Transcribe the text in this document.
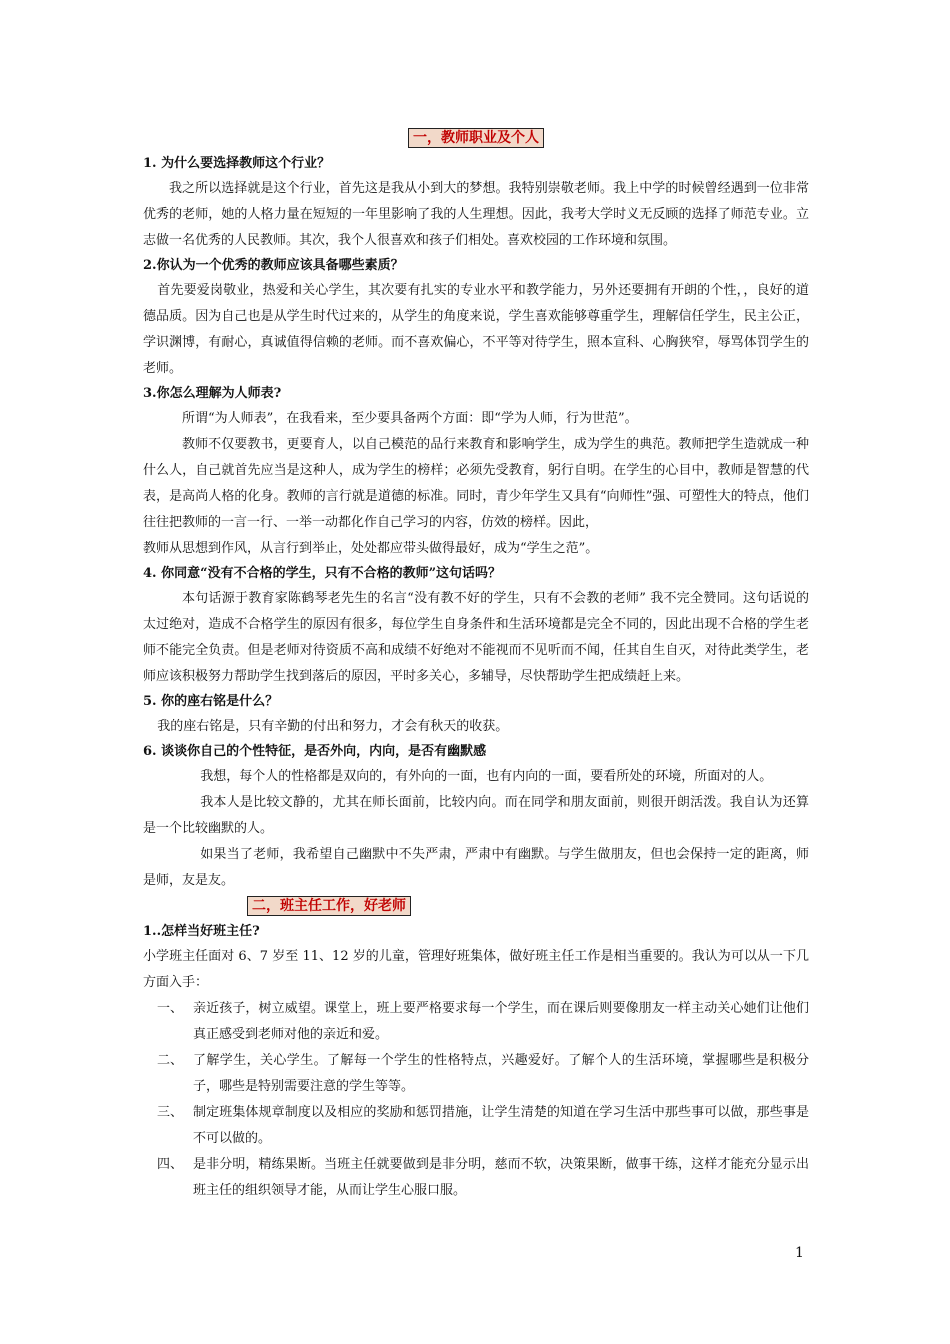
一，教师职业及个人

1. 为什么要选择教师这个行业？

我之所以选择就是这个行业，首先这是我从小到大的梦想。我特别崇敬老师。我上中学的时候曾经遇到一位非常优秀的老师，她的人格力量在短短的一年里影响了我的人生理想。因此，我考大学时义无反顾的选择了师范专业。立志做一名优秀的人民教师。其次，我个人很喜欢和孩子们相处。喜欢校园的工作环境和氛围。

2.你认为一个优秀的教师应该具备哪些素质？

首先要爱岗敬业，热爱和关心学生，其次要有扎实的专业水平和教学能力，另外还要拥有开朗的个性，，良好的道德品质。因为自己也是从学生时代过来的，从学生的角度来说，学生喜欢能够尊重学生，理解信任学生，民主公正，学识渊博，有耐心，真诚值得信赖的老师。而不喜欢偏心，不平等对待学生，照本宣科、心胸狭窄，辱骂体罚学生的老师。

3.你怎么理解为人师表?

所谓“为人师表”，在我看来，至少要具备两个方面：即“学为人师，行为世范”。

教师不仅要教书，更要育人，以自己模范的品行来教育和影响学生，成为学生的典范。教师把学生造就成一种什么人，自己就首先应当是这种人，成为学生的榜样；必须先受教育，躬行自明。在学生的心目中，教师是智慧的代表，是高尚人格的化身。教师的言行就是道德的标准。同时，青少年学生又具有“向师性”强、可塑性大的特点，他们往往把教师的一言一行、一举一动都化作自己学习的内容，仿效的榜样。因此，

教师从思想到作风，从言行到举止，处处都应带头做得最好，成为“学生之范”。

4. 你同意“没有不合格的学生，只有不合格的教师”这句话吗？

本句话源于教育家陈鹤琴老先生的名言“没有教不好的学生，只有不会教的老师” 我不完全赞同。这句话说的太过绝对，造成不合格学生的原因有很多，每位学生自身条件和生活环境都是完全不同的，因此出现不合格的学生老师不能完全负责。但是老师对待资质不高和成绩不好绝对不能视而不见听而不闻，任其自生自灭，对待此类学生，老师应该积极努力帮助学生找到落后的原因，平时多关心，多辅导，尽快帮助学生把成绩赶上来。

5. 你的座右铭是什么？

我的座右铭是，只有辛勤的付出和努力，才会有秋天的收获。

6. 谈谈你自己的个性特征，是否外向，内向，是否有幽默感

我想，每个人的性格都是双向的，有外向的一面，也有内向的一面，要看所处的环境，所面对的人。

我本人是比较文静的，尤其在师长面前，比较内向。而在同学和朋友面前，则很开朗活泼。我自认为还算是一个比较幽默的人。

如果当了老师，我希望自己幽默中不失严肃，严肃中有幽默。与学生做朋友，但也会保持一定的距离，师是师，友是友。

二，班主任工作，好老师

1..怎样当好班主任?

小学班主任面对 6、7 岁至 11、12 岁的儿童，管理好班集体，做好班主任工作是相当重要的。我认为可以从一下几方面入手：

一、 亲近孩子，树立威望。课堂上，班上要严格要求每一个学生，而在课后则要像朋友一样主动关心她们让他们真正感受到老师对他的亲近和爱。
二、 了解学生，关心学生。了解每一个学生的性格特点，兴趣爱好。了解个人的生活环境，掌握哪些是积极分子，哪些是特别需要注意的学生等等。
三、 制定班集体规章制度以及相应的奖励和惩罚措施，让学生清楚的知道在学习生活中那些事可以做，那些事是不可以做的。
四、 是非分明，精练果断。当班主任就要做到是非分明，慈而不软，决策果断，做事干练，这样才能充分显示出班主任的组织领导才能，从而让学生心服口服。
1
